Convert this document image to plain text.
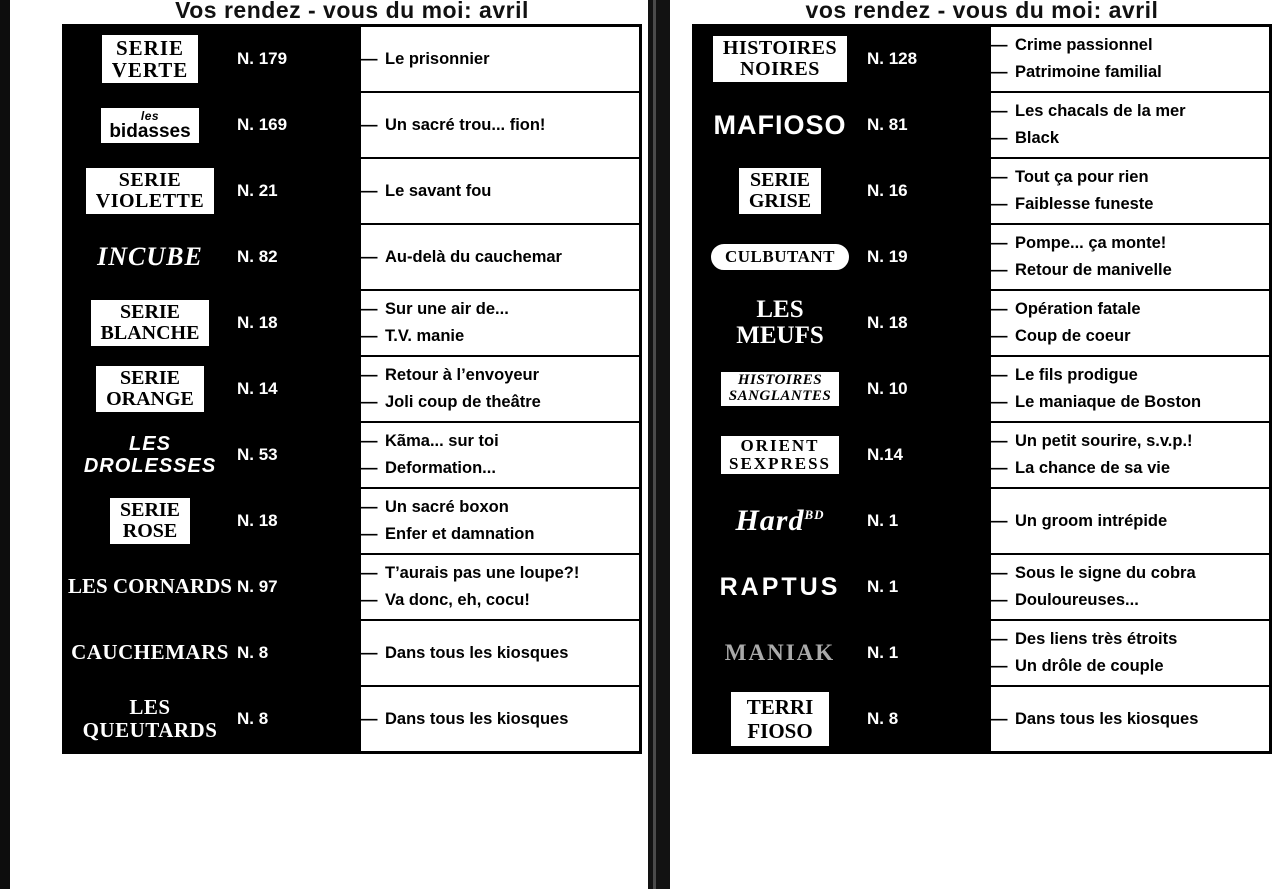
Vos rendez - vous du moi: avril
SERIE
VERTE	N. 179	— Le prisonnier

les
bidasses	N. 169	— Un sacré trou... fion!

SERIE
VIOLETTE	N. 21	— Le savant fou

INCUBE	N. 82	— Au-delà du cauchemar

SERIE
BLANCHE	N. 18	
— Sur une air de...
— T.V. manie

SERIE
ORANGE	N. 14	
— Retour à l’envoyeur
— Joli coup de theâtre

LES DROLESSES	N. 53	— Kãma... sur toi
— Deformation...

SERIE
ROSE	N. 18	
— Un sacré boxon
— Enfer et damnation

LES CORNARDS	N. 97	— T’aurais pas une loupe?!
— Va donc, eh, cocu!

CAUCHEMARS	N. 8	— Dans tous les kiosques

LES
QUEUTARDS	N. 8	— Dans tous les kiosques
vos rendez - vous du moi: avril
HISTOIRES
NOIRES	N. 128	
— Crime passionnel
— Patrimoine familial

MAFIOSO	N. 81	— Les chacals de la mer
— Black

SERIE
GRISE	N. 16	
— Tout ça pour rien
— Faiblesse funeste

CULBUTANT	N. 19	— Pompe... ça monte!
— Retour de manivelle

LES
MEUFS	N. 18	
— Opération fatale
— Coup de coeur

HISTOIRES
SANGLANTES	N. 10	
— Le fils prodigue
— Le maniaque de Boston

ORIENT
SEXPRESS	N.14	
— Un petit sourire, s.v.p.!
— La chance de sa vie

Hard$^{BD}$	N. 1	— Un groom intrépide

RAPTUS	N. 1	— Sous le signe du cobra
— Douloureuses...

MANIAK	N. 1	— Des liens très étroits
— Un drôle de couple

TERRI
FIOSO	N. 8	— Dans tous les kiosques
